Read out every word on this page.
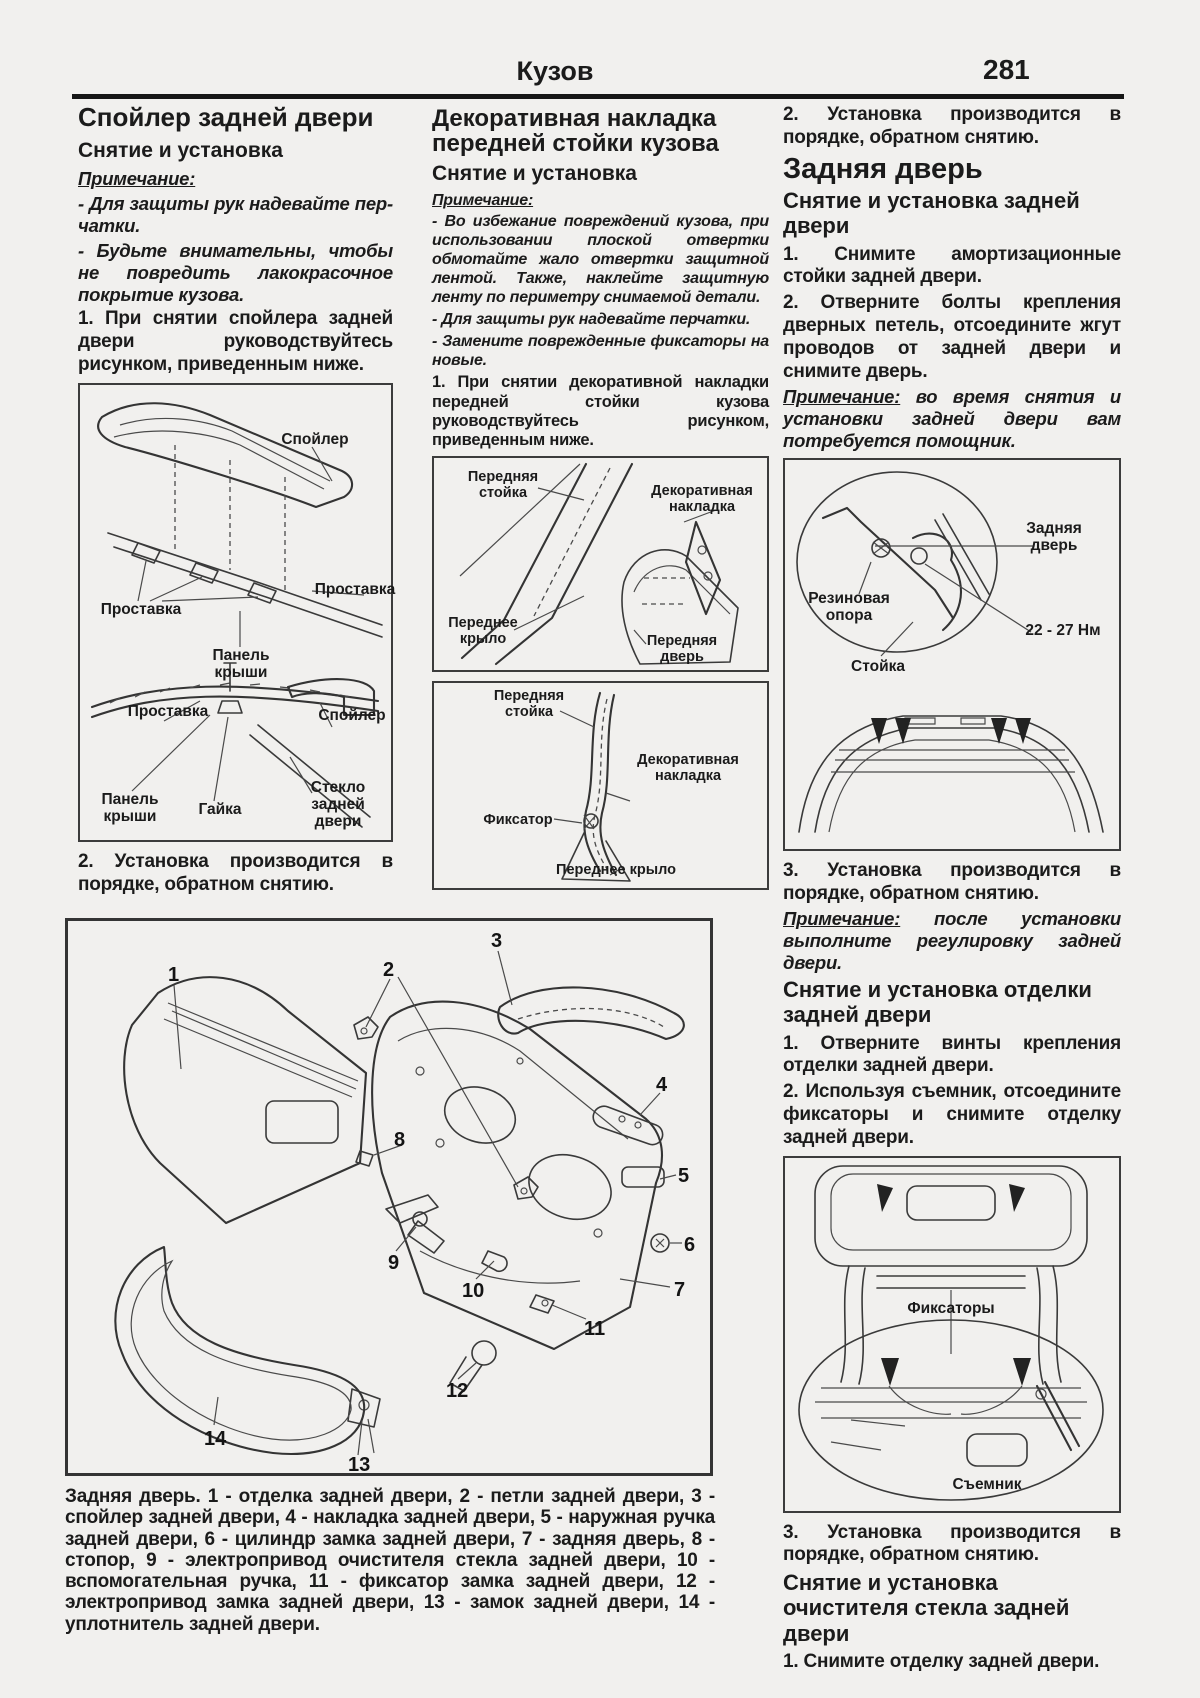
Кузов	281
Спойлер задней двери
Снятие и установка

Примечание:

- Для защиты рук надевайте пер-чатки.

- Будьте внимательны, чтобы не повредить лакокрасочное покрытие кузова.

1. При снятии спойлера задней двери руководствуйтесь рисунком, приведенным ниже.

Спойлер
Проставка
Проставка
Панель крыши
Проставка	Спойлер
Панель крыши	Гайка
Стекло задней двери

2. Установка производится в порядке, обратном снятию.

Декоративная накладка передней стойки кузова
Снятие и установка

Примечание:

- Во избежание повреждений кузова, при использовании плоской отвертки обмотайте жало отвертки защитной лентой. Также, наклейте защитную ленту по периметру снимаемой детали.

- Для защиты рук надевайте перчатки.

- Замените поврежденные фиксаторы на новые.

1. При снятии декоративной накладки передней стойки кузова руководствуйтесь рисунком, приведенным ниже.

Передняя стойка	Декоративная накладка
Переднее крыло	Передняя дверь
Передняя стойка
Декоративная накладка
Фиксатор
Переднее крыло

2. Установка производится в порядке, обратном снятию.

Задняя дверь
Снятие и установка задней двери

1. Снимите амортизационные стойки задней двери.

2. Отверните болты крепления дверных петель, отсоедините жгут проводов от задней двери и снимите дверь.

Примечание: во время снятия и установки задней двери вам потребуется помощник.

Задняя дверь
Резиновая опора
22 - 27 Нм
Стойка

3. Установка производится в порядке, обратном снятию.

Примечание: после установки выполните регулировку задней двери.

Снятие и установка отделки задней двери

1. Отверните винты крепления отделки задней двери.

2. Используя съемник, отсоедините фиксаторы и снимите отделку задней двери.

Фиксаторы
Съемник

3. Установка производится в порядке, обратном снятию.

Снятие и установка очистителя стекла задней двери

1. Снимите отделку задней двери.

1	2
3
4
5
6
7
8
9
10
11
12
13
14

Задняя дверь. 1 - отделка задней двери, 2 - петли задней двери, 3 - спойлер задней двери, 4 - накладка задней двери, 5 - наружная ручка задней двери, 6 - цилиндр замка задней двери, 7 - задняя дверь, 8 - стопор, 9 - электропривод очистителя стекла задней двери, 10 - вспомогательная ручка, 11 - фиксатор замка задней двери, 12 - электропривод замка задней двери, 13 - замок задней двери, 14 - уплотнитель задней двери.
